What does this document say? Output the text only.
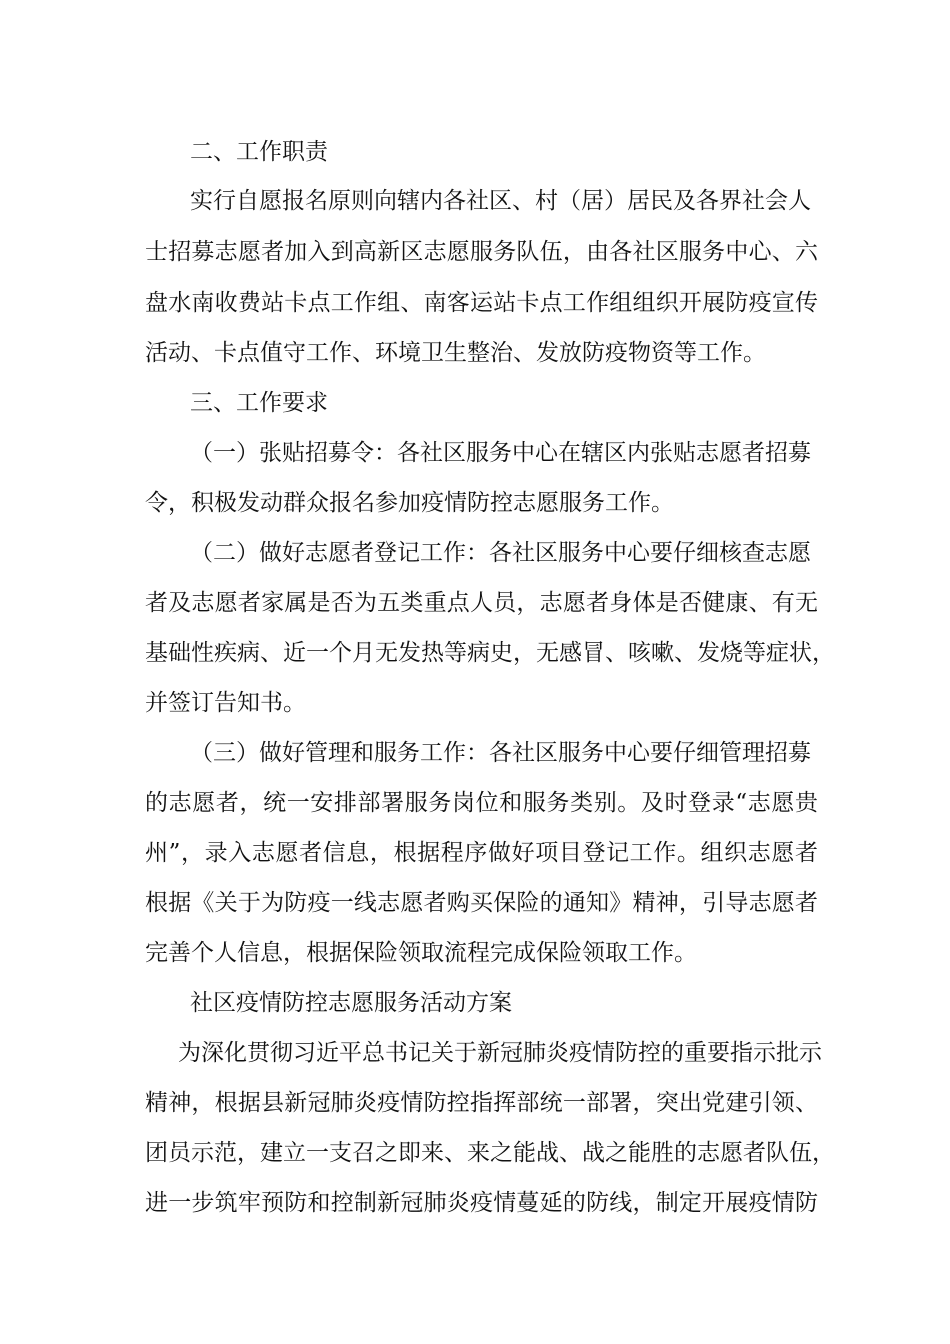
二、工作职责
实行自愿报名原则向辖内各社区、村（居）居民及各界社会人
士招募志愿者加入到高新区志愿服务队伍，由各社区服务中心、六
盘水南收费站卡点工作组、南客运站卡点工作组组织开展防疫宣传
活动、卡点值守工作、环境卫生整治、发放防疫物资等工作。
三、工作要求
（一）张贴招募令：各社区服务中心在辖区内张贴志愿者招募
令，积极发动群众报名参加疫情防控志愿服务工作。
（二）做好志愿者登记工作：各社区服务中心要仔细核查志愿
者及志愿者家属是否为五类重点人员，志愿者身体是否健康、有无
基础性疾病、近一个月无发热等病史，无感冒、咳嗽、发烧等症状，
并签订告知书。
（三）做好管理和服务工作：各社区服务中心要仔细管理招募
的志愿者，统一安排部署服务岗位和服务类别。及时登录“志愿贵
州”，录入志愿者信息，根据程序做好项目登记工作。组织志愿者
根据《关于为防疫一线志愿者购买保险的通知》精神，引导志愿者
完善个人信息，根据保险领取流程完成保险领取工作。
社区疫情防控志愿服务活动方案
为深化贯彻习近平总书记关于新冠肺炎疫情防控的重要指示批示
精神，根据县新冠肺炎疫情防控指挥部统一部署，突出党建引领、
团员示范，建立一支召之即来、来之能战、战之能胜的志愿者队伍，
进一步筑牢预防和控制新冠肺炎疫情蔓延的防线，制定开展疫情防
